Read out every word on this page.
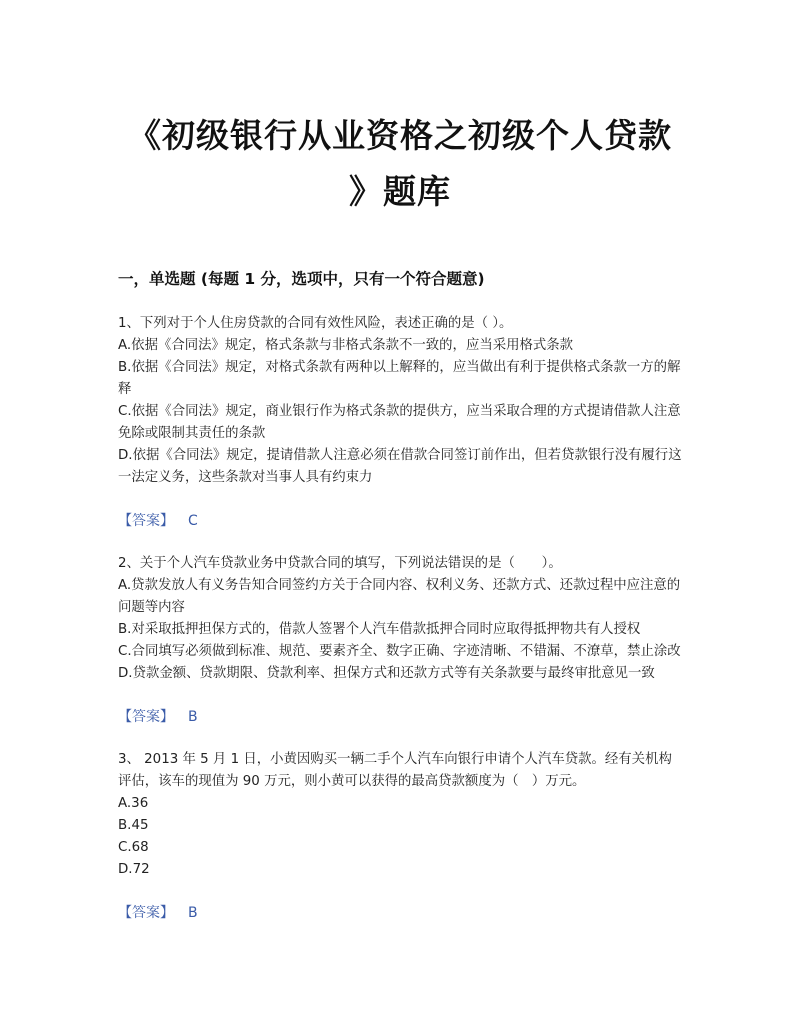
《初级银行从业资格之初级个人贷款
》题库
一，单选题 (每题 1 分，选项中，只有一个符合题意)

1、下列对于个人住房贷款的合同有效性风险，表述正确的是（ ）。

A.依据《合同法》规定，格式条款与非格式条款不一致的，应当采用格式条款

B.依据《合同法》规定，对格式条款有两种以上解释的，应当做出有利于提供格式条款一方的解释

C.依据《合同法》规定，商业银行作为格式条款的提供方，应当采取合理的方式提请借款人注意免除或限制其责任的条款

D.依据《合同法》规定，提请借款人注意必须在借款合同签订前作出，但若贷款银行没有履行这一法定义务，这些条款对当事人具有约束力

【答案】 C

2、关于个人汽车贷款业务中贷款合同的填写，下列说法错误的是（　　）。

A.贷款发放人有义务告知合同签约方关于合同内容、权利义务、还款方式、还款过程中应注意的问题等内容

B.对采取抵押担保方式的，借款人签署个人汽车借款抵押合同时应取得抵押物共有人授权

C.合同填写必须做到标准、规范、要素齐全、数字正确、字迹清晰、不错漏、不潦草，禁止涂改

D.贷款金额、贷款期限、贷款利率、担保方式和还款方式等有关条款要与最终审批意见一致

【答案】 B

3、 2013 年 5 月 1 日，小黄因购买一辆二手个人汽车向银行申请个人汽车贷款。经有关机构评估，该车的现值为 90 万元，则小黄可以获得的最高贷款额度为（　）万元。

A.36

B.45

C.68

D.72

【答案】 B
